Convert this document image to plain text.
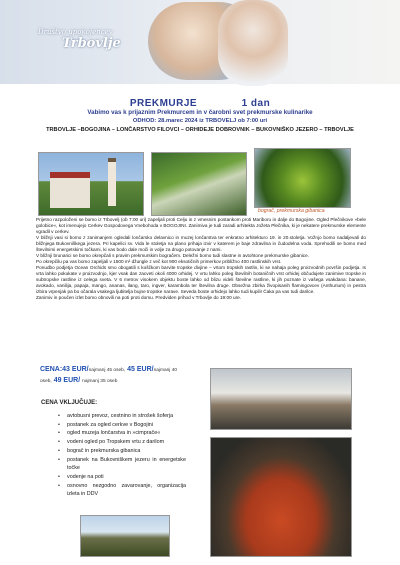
Društvo upokojencev
Trbovlje
PREKMURJE	1 dan
Vabimo vas k prijaznim Prekmurcem in v čarobni svet prekmurske kulinarike
ODHOD: 28.marec 2024 iz TRBOVELJ ob 7:00 uri
TRBOVLJE –BOGOJINA – LONČARSTVO FILOVCI – ORHIDEJE DOBROVNIK – BUKOVNIŠKO JEZERO – TRBOVLJE
bograč, prekmurska gibanica

Prijetno razpoloženi se bomo iz Trbovelj (ob 7:00 uri) zapeljali proti Celju in z vmesnim postankom proti Mariboru in dalje do Bogojine. Ogled Plečnikove »bele golobice«, kot imenujejo Cerkev Gospodovega Vnebohoda v BOGOJINI. Zanimiva je tudi zaradi arhitekta Jožeta Plečnika, ki je nekatere prekmurske elemente vgradil v cerkev.

V bližnji vasi si bomo z zanimanjem ogledali lončarsko delavnico in muzej lončarstva ter enkratno arhitekturo 19. in 20.stoletja. Vožnjo bomo nadaljevali do bližnjega Bukovniškega jezera. Pri kapelici sv. Vida le stoletja na plano prihaja izvir v katerem je baje zdravilna in čudodelna voda. Sprehodili se bomo med številnimi energetskimi točkami, ki vas bodo dale moči in volje za drugo potovanje z nami.

V bližnji brunarici se bomo okrepčali s pravim prekmurskim bogračem. Deležni bomo tudi slastne in avtohtone prekmurske gibanice.

Po okrepčilu pa vas bomo zapeljali v 1500 m² džungle z več kot 900 eksotičnih primerkov približno 400 rastlinskih vrst.

Ponudbo podjetja Ocean Orchids smo obogatili s koščkom barvite tropske divjine – vrtom tropskih rastlin, ki se nahaja poleg proizvodnih površin podjetja. Is vrta lahko pokukate v proizvodnjo, kjer vsak dan zacveti okoli 4000 orhidej. V vrtu lahko poleg številnih botaničnih vrst orhidej občudujete zanimive tropske in subtropske rastline iz celega sveta. V 6 metrov visokem objektu boste lahko od blizu videli številne rastline, ki jih poznate iz vašega vsakdana: banane, avokado, vanilija, papaja, mango, ananas, ilang, taro, ingver, karambola ter številna druge. Obsežna zbirka živopisanih flamingovcev (Anthurium) in pestra izbira vrpenjak pa bo očarala vsakega ljubitelja bujne tropske narave. Seveda boste orhidejo lahko tudi kupili! Čaka pa vas tudi darilce.

Zanimiv in poučen izlet bomo obnovili na poti proti domu. Predviden prihod v Trbovlje do 19:00 ure.

CENA:43 EUR/najmanj 45 oseb, 45 EUR/najmanj 40
oseb, 49 EUR/ najmanj 35 oseb
CENA VKLJUČUJE:
• avtobusni prevoz, cestnino in strošek šoferja
• postanek za ogled cerkve v Bogojini
• ogled muzeja lončarstva in »cimprače«
• vodeni ogled po Tropskem vrtu z darilom
• bograč in prekmurska gibanica
• postanek na Bukovniškem jezeru in energetske točke
• vodenje na poti
• osnovno nezgodno zavarovanje, organizacija izleta in DDV
